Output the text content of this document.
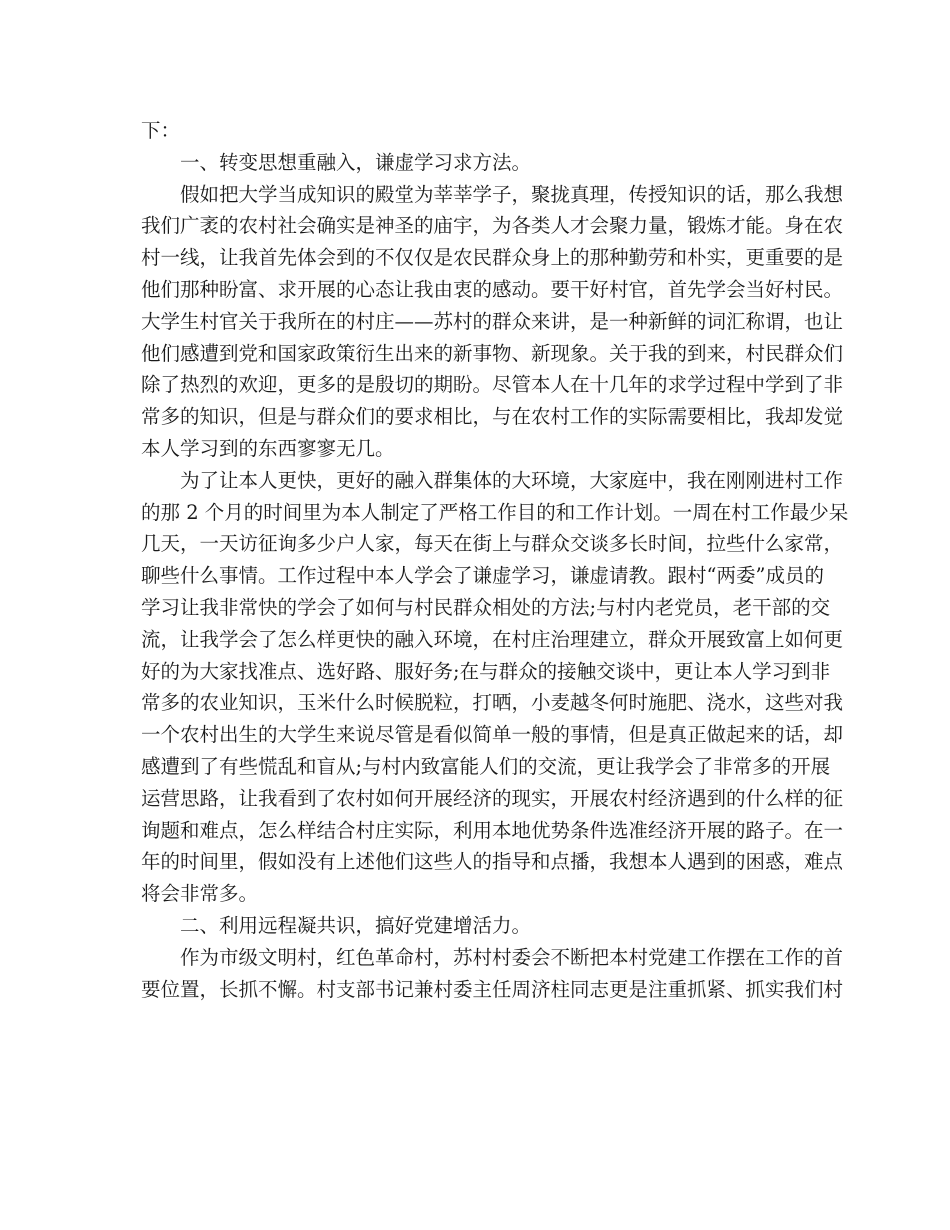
下：
一、转变思想重融入，谦虚学习求方法。
假如把大学当成知识的殿堂为莘莘学子，聚拢真理，传授知识的话，那么我想
我们广袤的农村社会确实是神圣的庙宇，为各类人才会聚力量，锻炼才能。身在农
村一线，让我首先体会到的不仅仅是农民群众身上的那种勤劳和朴实，更重要的是
他们那种盼富、求开展的心态让我由衷的感动。要干好村官，首先学会当好村民。
大学生村官关于我所在的村庄——苏村的群众来讲，是一种新鲜的词汇称谓，也让
他们感遭到党和国家政策衍生出来的新事物、新现象。关于我的到来，村民群众们
除了热烈的欢迎，更多的是殷切的期盼。尽管本人在十几年的求学过程中学到了非
常多的知识，但是与群众们的要求相比，与在农村工作的实际需要相比，我却发觉
本人学习到的东西寥寥无几。
为了让本人更快，更好的融入群集体的大环境，大家庭中，我在刚刚进村工作
的那 2 个月的时间里为本人制定了严格工作目的和工作计划。一周在村工作最少呆
几天，一天访征询多少户人家，每天在街上与群众交谈多长时间，拉些什么家常，
聊些什么事情。工作过程中本人学会了谦虚学习，谦虚请教。跟村“两委”成员的
学习让我非常快的学会了如何与村民群众相处的方法;与村内老党员，老干部的交
流，让我学会了怎么样更快的融入环境，在村庄治理建立，群众开展致富上如何更
好的为大家找准点、选好路、服好务;在与群众的接触交谈中，更让本人学习到非
常多的农业知识，玉米什么时候脱粒，打晒，小麦越冬何时施肥、浇水，这些对我
一个农村出生的大学生来说尽管是看似简单一般的事情，但是真正做起来的话，却
感遭到了有些慌乱和盲从;与村内致富能人们的交流，更让我学会了非常多的开展
运营思路，让我看到了农村如何开展经济的现实，开展农村经济遇到的什么样的征
询题和难点，怎么样结合村庄实际，利用本地优势条件选准经济开展的路子。在一
年的时间里，假如没有上述他们这些人的指导和点播，我想本人遇到的困惑，难点
将会非常多。
二、利用远程凝共识，搞好党建增活力。
作为市级文明村，红色革命村，苏村村委会不断把本村党建工作摆在工作的首
要位置，长抓不懈。村支部书记兼村委主任周济柱同志更是注重抓紧、抓实我们村
